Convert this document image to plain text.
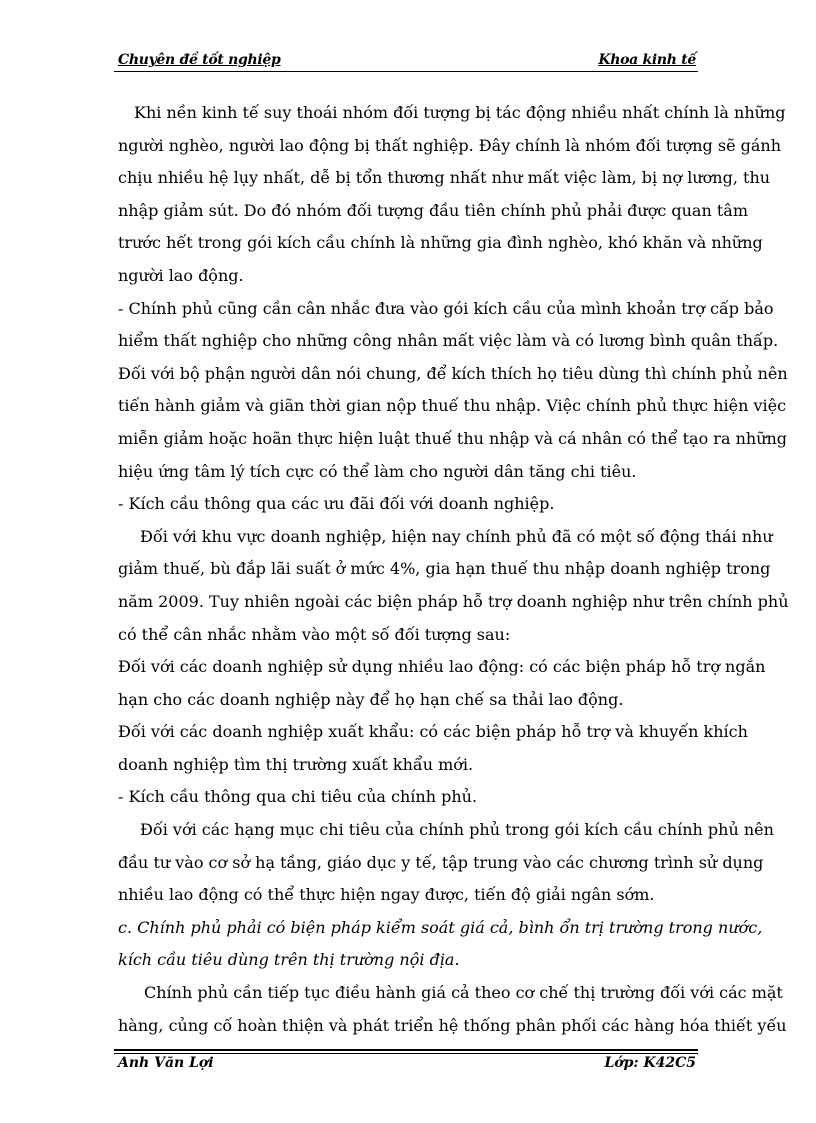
Chuyên đề tốt nghiệp	Khoa kinh tế
Khi nền kinh tế suy thoái nhóm đối tượng bị tác động nhiều nhất chính là những
người nghèo, người lao động bị thất nghiệp. Đây chính là nhóm đối tượng sẽ gánh
chịu nhiều hệ lụy nhất, dễ bị tổn thương nhất như mất việc làm, bị nợ lương, thu
nhập giảm sút. Do đó nhóm đối tượng đầu tiên chính phủ phải được quan tâm
trước hết trong gói kích cầu chính là những gia đình nghèo, khó khăn và những
người lao động.
- Chính phủ cũng cần cân nhắc đưa vào gói kích cầu của mình khoản trợ cấp bảo
hiểm thất nghiệp cho những công nhân mất việc làm và có lương bình quân thấp.
Đối với bộ phận người dân nói chung, để kích thích họ tiêu dùng thì chính phủ nên
tiến hành giảm và giãn thời gian nộp thuế thu nhập. Việc chính phủ thực hiện việc
miễn giảm hoặc hoãn thực hiện luật thuế thu nhập và cá nhân có thể tạo ra những
hiệu ứng tâm lý tích cực có thể làm cho người dân tăng chi tiêu.
- Kích cầu thông qua các ưu đãi đối với doanh nghiệp.
Đối với khu vực doanh nghiệp, hiện nay chính phủ đã có một số động thái như
giảm thuế, bù đắp lãi suất ở mức 4%, gia hạn thuế thu nhập doanh nghiệp trong
năm 2009. Tuy nhiên ngoài các biện pháp hỗ trợ doanh nghiệp như trên chính phủ
có thể cân nhắc nhằm vào một số đối tượng sau:
Đối với các doanh nghiệp sử dụng nhiều lao động: có các biện pháp hỗ trợ ngắn
hạn cho các doanh nghiệp này để họ hạn chế sa thải lao động.
Đối với các doanh nghiệp xuất khẩu: có các biện pháp hỗ trợ và khuyến khích
doanh nghiệp tìm thị trường xuất khẩu mới.
- Kích cầu thông qua chi tiêu của chính phủ.
Đối với các hạng mục chi tiêu của chính phủ trong gói kích cầu chính phủ nên
đầu tư vào cơ sở hạ tầng, giáo dục y tế, tập trung vào các chương trình sử dụng
nhiều lao động có thể thực hiện ngay được, tiến độ giải ngân sớm.
c. Chính phủ phải có biện pháp kiểm soát giá cả, bình ổn trị trường trong nước,
kích cầu tiêu dùng trên thị trường nội địa.
Chính phủ cần tiếp tục điều hành giá cả theo cơ chế thị trường đối với các mặt
hàng, củng cố hoàn thiện và phát triển hệ thống phân phối các hàng hóa thiết yếu
Anh Văn Lợi	Lớp: K42C5
